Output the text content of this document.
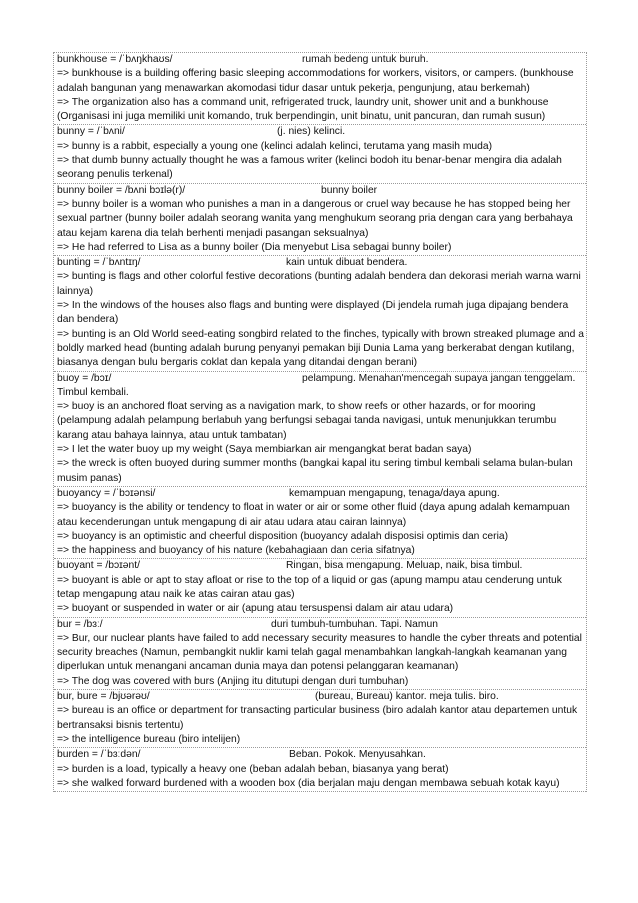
bunkhouse = /ˈbʌŋkhaʊs/	rumah bedeng untuk buruh.
=> bunkhouse is a building offering basic sleeping accommodations for workers, visitors, or campers. (bunkhouse adalah bangunan yang menawarkan akomodasi tidur dasar untuk pekerja, pengunjung, atau berkemah)
=> The organization also has a command unit, refrigerated truck, laundry unit, shower unit and a bunkhouse (Organisasi ini juga memiliki unit komando, truk berpendingin, unit binatu, unit pancuran, dan rumah susun)
bunny = /ˈbʌni/	(j. nies) kelinci.
=> bunny is a rabbit, especially a young one (kelinci adalah kelinci, terutama yang masih muda)
=> that dumb bunny actually thought he was a famous writer (kelinci bodoh itu benar-benar mengira dia adalah seorang penulis terkenal)
bunny boiler = /bʌni bɔɪlə(r)/	bunny boiler
=> bunny boiler is a woman who punishes a man in a dangerous or cruel way because he has stopped being her sexual partner (bunny boiler adalah seorang wanita yang menghukum seorang pria dengan cara yang berbahaya atau kejam karena dia telah berhenti menjadi pasangan seksualnya)
=> He had referred to Lisa as a bunny boiler (Dia menyebut Lisa sebagai bunny boiler)
bunting = /ˈbʌntɪŋ/	kain untuk dibuat bendera.
=> bunting is flags and other colorful festive decorations (bunting adalah bendera dan dekorasi meriah warna warni lainnya)
=> In the windows of the houses also flags and bunting were displayed (Di jendela rumah juga dipajang bendera dan bendera)
=> bunting is an Old World seed-eating songbird related to the finches, typically with brown streaked plumage and a boldly marked head (bunting adalah burung penyanyi pemakan biji Dunia Lama yang berkerabat dengan kutilang, biasanya dengan bulu bergaris coklat dan kepala yang ditandai dengan berani)
buoy = /bɔɪ/	pelampung. Menahan'mencegah supaya jangan tenggelam.
Timbul kembali.
=> buoy is an anchored float serving as a navigation mark, to show reefs or other hazards, or for mooring (pelampung adalah pelampung berlabuh yang berfungsi sebagai tanda navigasi, untuk menunjukkan terumbu karang atau bahaya lainnya, atau untuk tambatan)
=> I let the water buoy up my weight (Saya membiarkan air mengangkat berat badan saya)
=> the wreck is often buoyed during summer months (bangkai kapal itu sering timbul kembali selama bulan-bulan musim panas)
buoyancy = /ˈbɔɪənsi/	kemampuan mengapung, tenaga/daya apung.
=> buoyancy is the ability or tendency to float in water or air or some other fluid (daya apung adalah kemampuan atau kecenderungan untuk mengapung di air atau udara atau cairan lainnya)
=> buoyancy is an optimistic and cheerful disposition (buoyancy adalah disposisi optimis dan ceria)
=> the happiness and buoyancy of his nature (kebahagiaan dan ceria sifatnya)
buoyant = /bɔɪənt/	Ringan, bisa mengapung. Meluap, naik, bisa timbul.
=> buoyant is able or apt to stay afloat or rise to the top of a liquid or gas (apung mampu atau cenderung untuk tetap mengapung atau naik ke atas cairan atau gas)
=> buoyant or suspended in water or air (apung atau tersuspensi dalam air atau udara)
bur = /bɜː/	duri tumbuh-tumbuhan. Tapi. Namun
=> Bur, our nuclear plants have failed to add necessary security measures to handle the cyber threats and potential security breaches (Namun, pembangkit nuklir kami telah gagal menambahkan langkah-langkah keamanan yang diperlukan untuk menangani ancaman dunia maya dan potensi pelanggaran keamanan)
=> The dog was covered with burs (Anjing itu ditutupi dengan duri tumbuhan)
bur, bure = /bjʊərəʊ/	(bureau, Bureau) kantor. meja tulis. biro.
=> bureau is an office or department for transacting particular business (biro adalah kantor atau departemen untuk bertransaksi bisnis tertentu)
=> the intelligence bureau (biro intelijen)
burden = /ˈbɜːdən/	Beban. Pokok. Menyusahkan.
=> burden is a load, typically a heavy one (beban adalah beban, biasanya yang berat)
=> she walked forward burdened with a wooden box (dia berjalan maju dengan membawa sebuah kotak kayu)
